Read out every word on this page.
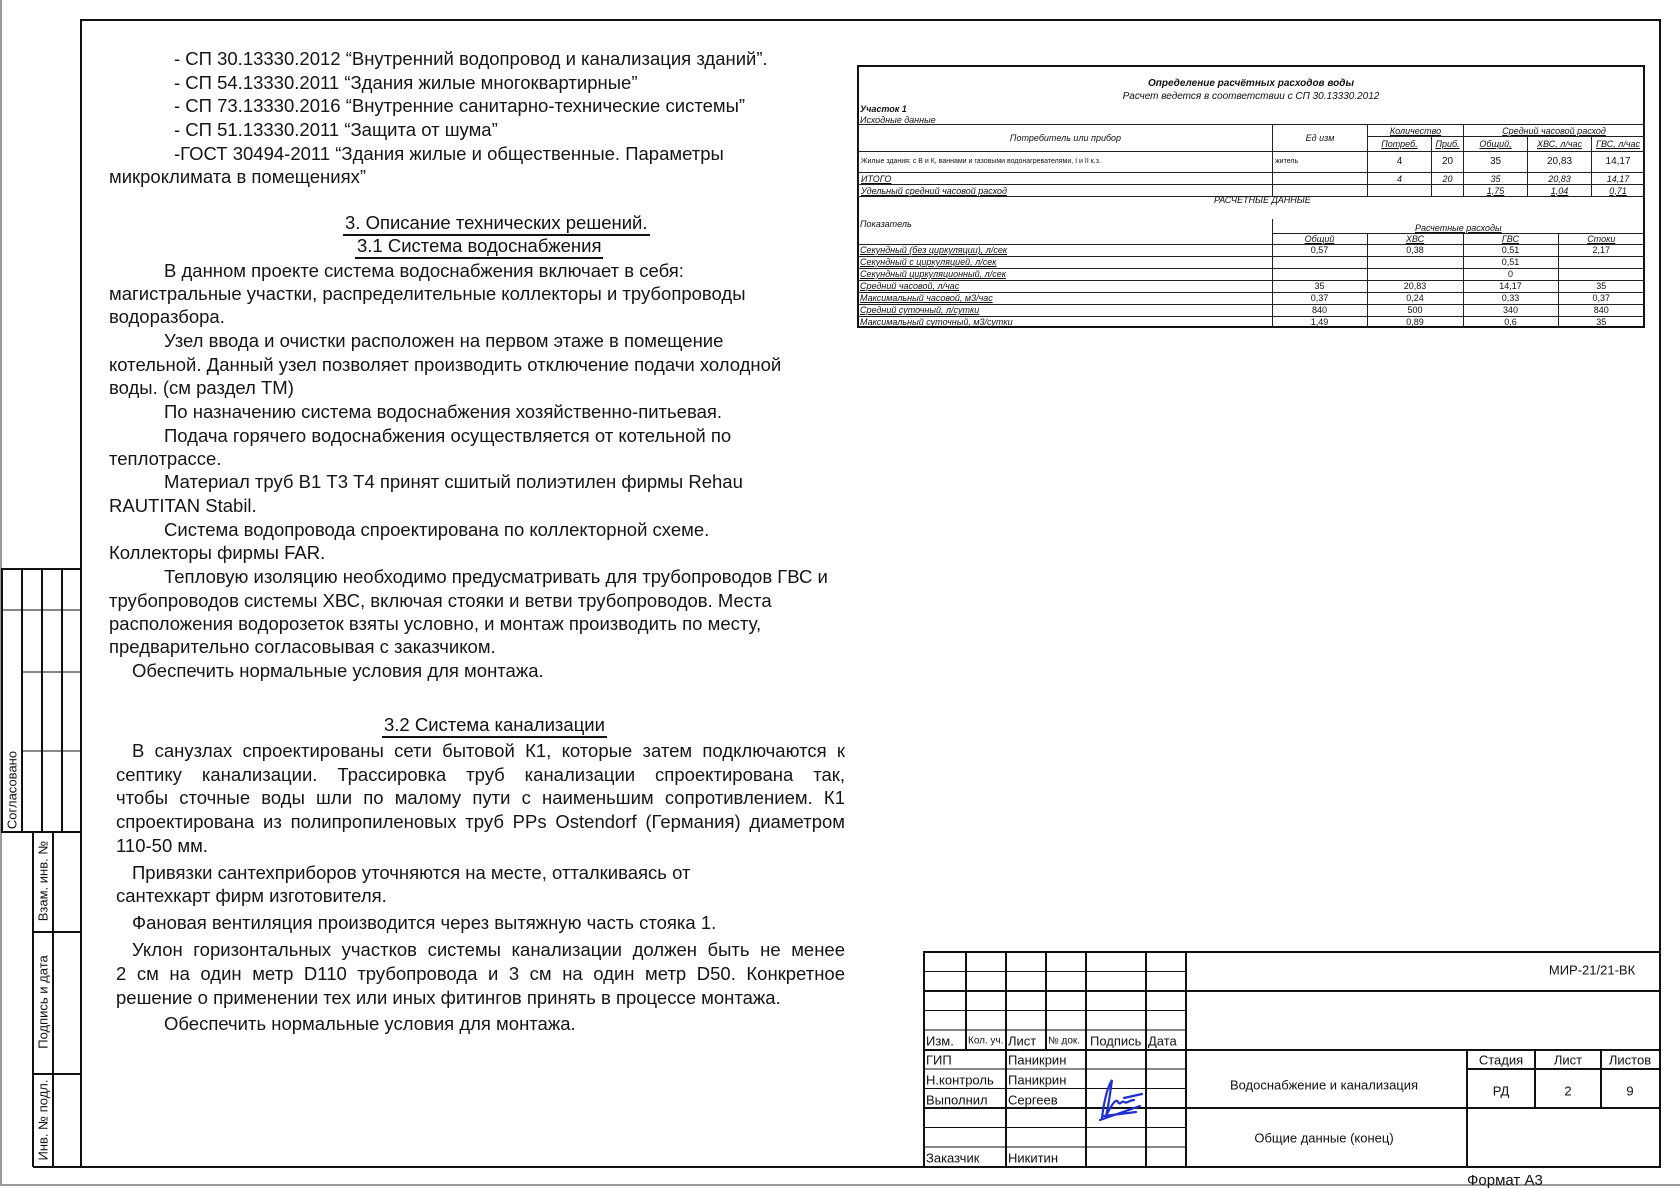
- СП 30.13330.2012 “Внутренний водопровод и канализация зданий”.
- СП 54.13330.2011 “Здания жилые многоквартирные”
- СП 73.13330.2016 “Внутренние санитарно-технические системы”
- СП 51.13330.2011 “Защита от шума”
-ГОСТ 30494-2011 “Здания жилые и общественные. Параметры
микроклимата в помещениях”
3. Описание технических решений.
3.1 Система водоснабжения
В данном проекте система водоснабжения включает в себя:
магистральные участки, распределительные коллекторы и трубопроводы
водоразбора.
Узел ввода и очистки расположен на первом этаже в помещение
котельной. Данный узел позволяет производить отключение подачи холодной
воды. (см раздел ТМ)
По назначению система водоснабжения хозяйственно-питьевая.
Подача горячего водоснабжения осуществляется от котельной по
теплотрассе.
Материал труб В1 Т3 Т4 принят сшитый полиэтилен фирмы Rehau
RAUTITAN Stabil.
Система водопровода спроектирована по коллекторной схеме.
Коллекторы фирмы FAR.
Тепловую изоляцию необходимо предусматривать для трубопроводов ГВС и
трубопроводов системы ХВС, включая стояки и ветви трубопроводов. Места
расположения водорозеток взяты условно, и монтаж производить по месту,
предварительно согласовывая с заказчиком.
Обеспечить нормальные условия для монтажа.
3.2 Система канализации
В санузлах спроектированы сети бытовой К1, которые затем подключаются к
септику канализации. Трассировка труб канализации спроектирована так,
чтобы сточные воды шли по малому пути с наименьшим сопротивлением. К1
спроектирована из полипропиленовых труб PPs Ostendorf (Германия) диаметром
110-50 мм.
Привязки сантехприборов уточняются на месте, отталкиваясь от
сантехкарт фирм изготовителя.
Фановая вентиляция производится через вытяжную часть стояка 1.
Уклон горизонтальных участков системы канализации должен быть не менее
2 см на один метр D110 трубопровода и 3 см на один метр D50. Конкретное
решение о применении тех или иных фитингов принять в процессе монтажа.
Обеспечить нормальные условия для монтажа.
Определение расчётных расходов воды
Расчет ведется в соответствии с СП 30.13330.2012
Участок 1
Исходные данные
Потребитель или прибор	Ед изм	Количество		Средний часовой расход		
		Потреб.	Приб.	Общий,	ХВС, л/час	ГВС, л/час
Жилые здания: с В и К, ваннами и газовыми водонагревателями, I и II к.з.	житель	4	20	35	20,83	14,17
ИТОГО		4	20	35	20,83	14,17
Удельный средний часовой расход				1,75	1,04	0,71
РАСЧЕТНЫЕ ДАННЫЕ
Показатель	Расчетные расходы			
	Общий	ХВС	ГВС	Стоки
Секундный (без циркуляции), л/сек	0,57	0,38	0,51	2,17
Секундный с циркуляцией, л/сек			0,51	
Секундный циркуляционный, л/сек			0	
Средний часовой, л/час	35	20,83	14,17	35
Максимальный часовой, м3/час	0,37	0,24	0,33	0,37
Средний суточный, л/сутки	840	500	340	840
Максимальный суточный, м3/сутки	1,49	0,89	0,6	35
Согласовано
Взам. инв. №
Подпись и дата
Инв. № подл.
МИР-21/21-ВК
Изм. Кол. уч. Лист № док. Подпись Дата
ГИП	Паникрин
Н.контроль Паникрин
Выполнил Сергеев
Заказчик Никитин
Водоснабжение и канализация
Общие данные (конец)
Стадия Лист Листов
РД	2	9
Формат А3
